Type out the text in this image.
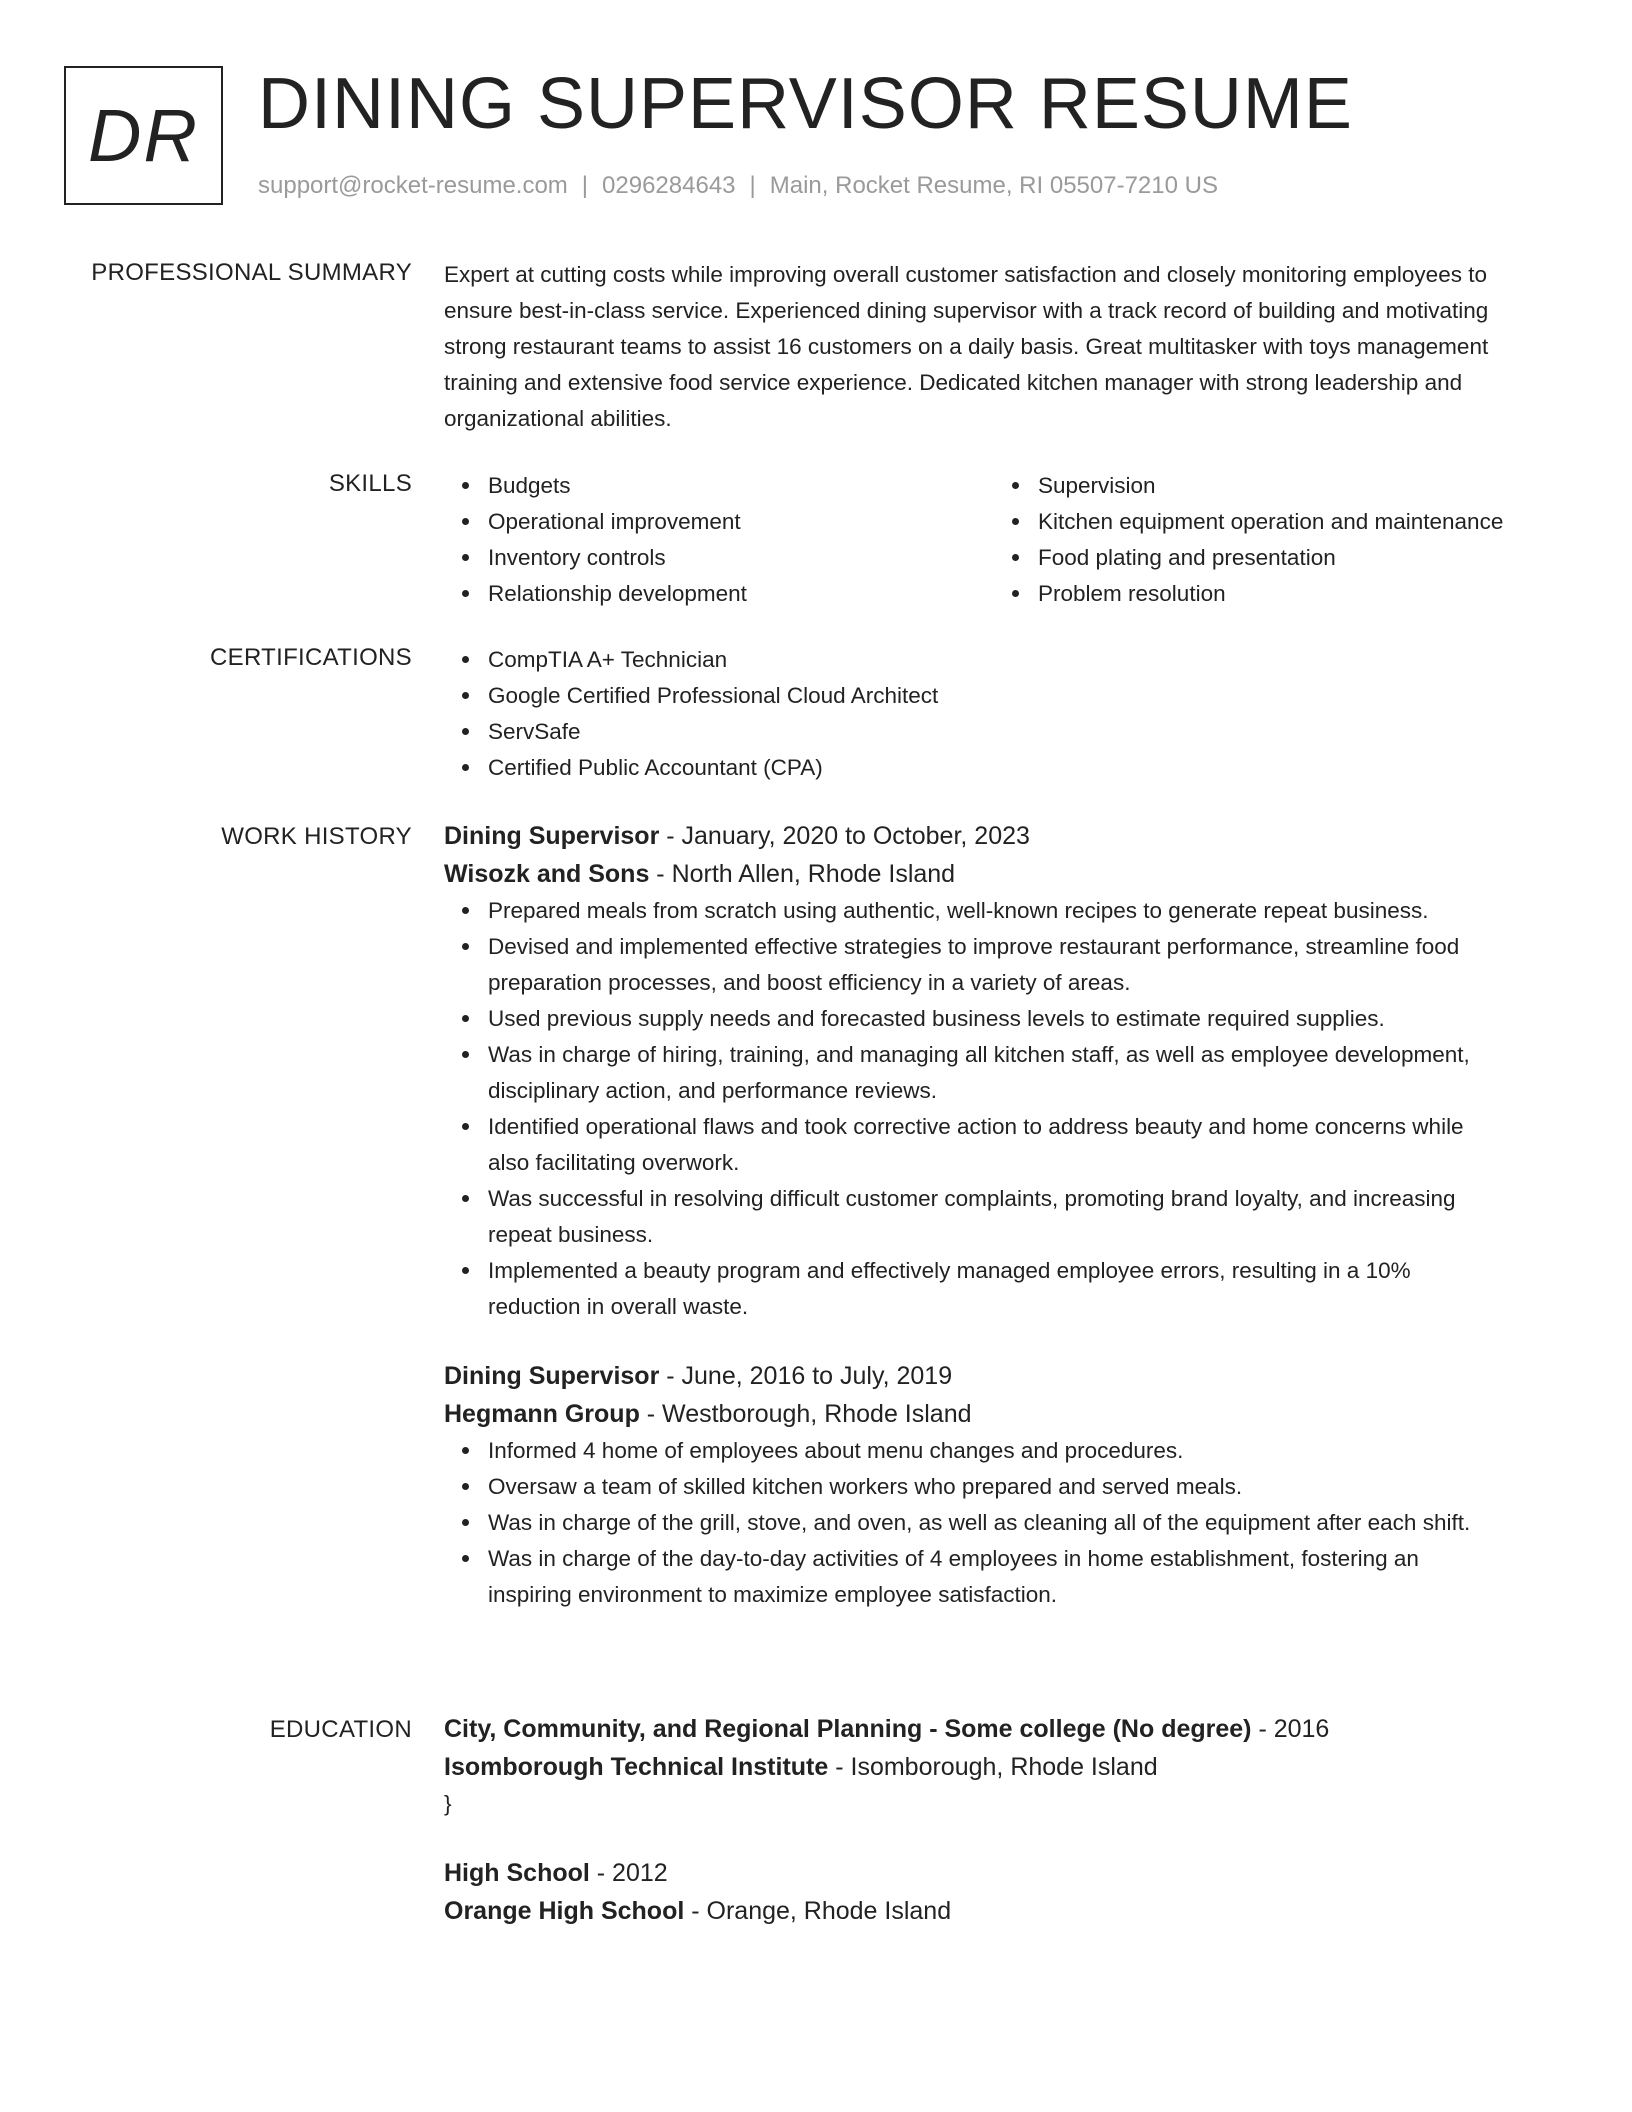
DR DINING SUPERVISOR RESUME
support@rocket-resume.com | 0296284643 | Main, Rocket Resume, RI 05507-7210 US
PROFESSIONAL SUMMARY Expert at cutting costs while improving overall customer satisfaction and closely monitoring employees to ensure best-in-class service. Experienced dining supervisor with a track record of building and motivating strong restaurant teams to assist 16 customers on a daily basis. Great multitasker with toys management training and extensive food service experience. Dedicated kitchen manager with strong leadership and organizational abilities.
SKILLS	Budgets
Operational improvement
Inventory controls
Relationship development
Supervision
Kitchen equipment operation and maintenance
Food plating and presentation
Problem resolution
CERTIFICATIONS	CompTIA A+ Technician
Google Certified Professional Cloud Architect
ServSafe
Certified Public Accountant (CPA)
WORK HISTORY Dining Supervisor - January, 2020 to October, 2023
Wisozk and Sons - North Allen, Rhode Island
Prepared meals from scratch using authentic, well-known recipes to generate repeat business.
Devised and implemented effective strategies to improve restaurant performance, streamline food preparation processes, and boost efficiency in a variety of areas.
Used previous supply needs and forecasted business levels to estimate required supplies.
Was in charge of hiring, training, and managing all kitchen staff, as well as employee development, disciplinary action, and performance reviews.
Identified operational flaws and took corrective action to address beauty and home concerns while also facilitating overwork.
Was successful in resolving difficult customer complaints, promoting brand loyalty, and increasing repeat business.
Implemented a beauty program and effectively managed employee errors, resulting in a 10% reduction in overall waste.
Dining Supervisor - June, 2016 to July, 2019
Hegmann Group - Westborough, Rhode Island
Informed 4 home of employees about menu changes and procedures.
Oversaw a team of skilled kitchen workers who prepared and served meals.
Was in charge of the grill, stove, and oven, as well as cleaning all of the equipment after each shift.
Was in charge of the day-to-day activities of 4 employees in home establishment, fostering an inspiring environment to maximize employee satisfaction.
EDUCATION City, Community, and Regional Planning - Some college (No degree) - 2016
Isomborough Technical Institute - Isomborough, Rhode Island
}
High School - 2012
Orange High School - Orange, Rhode Island
